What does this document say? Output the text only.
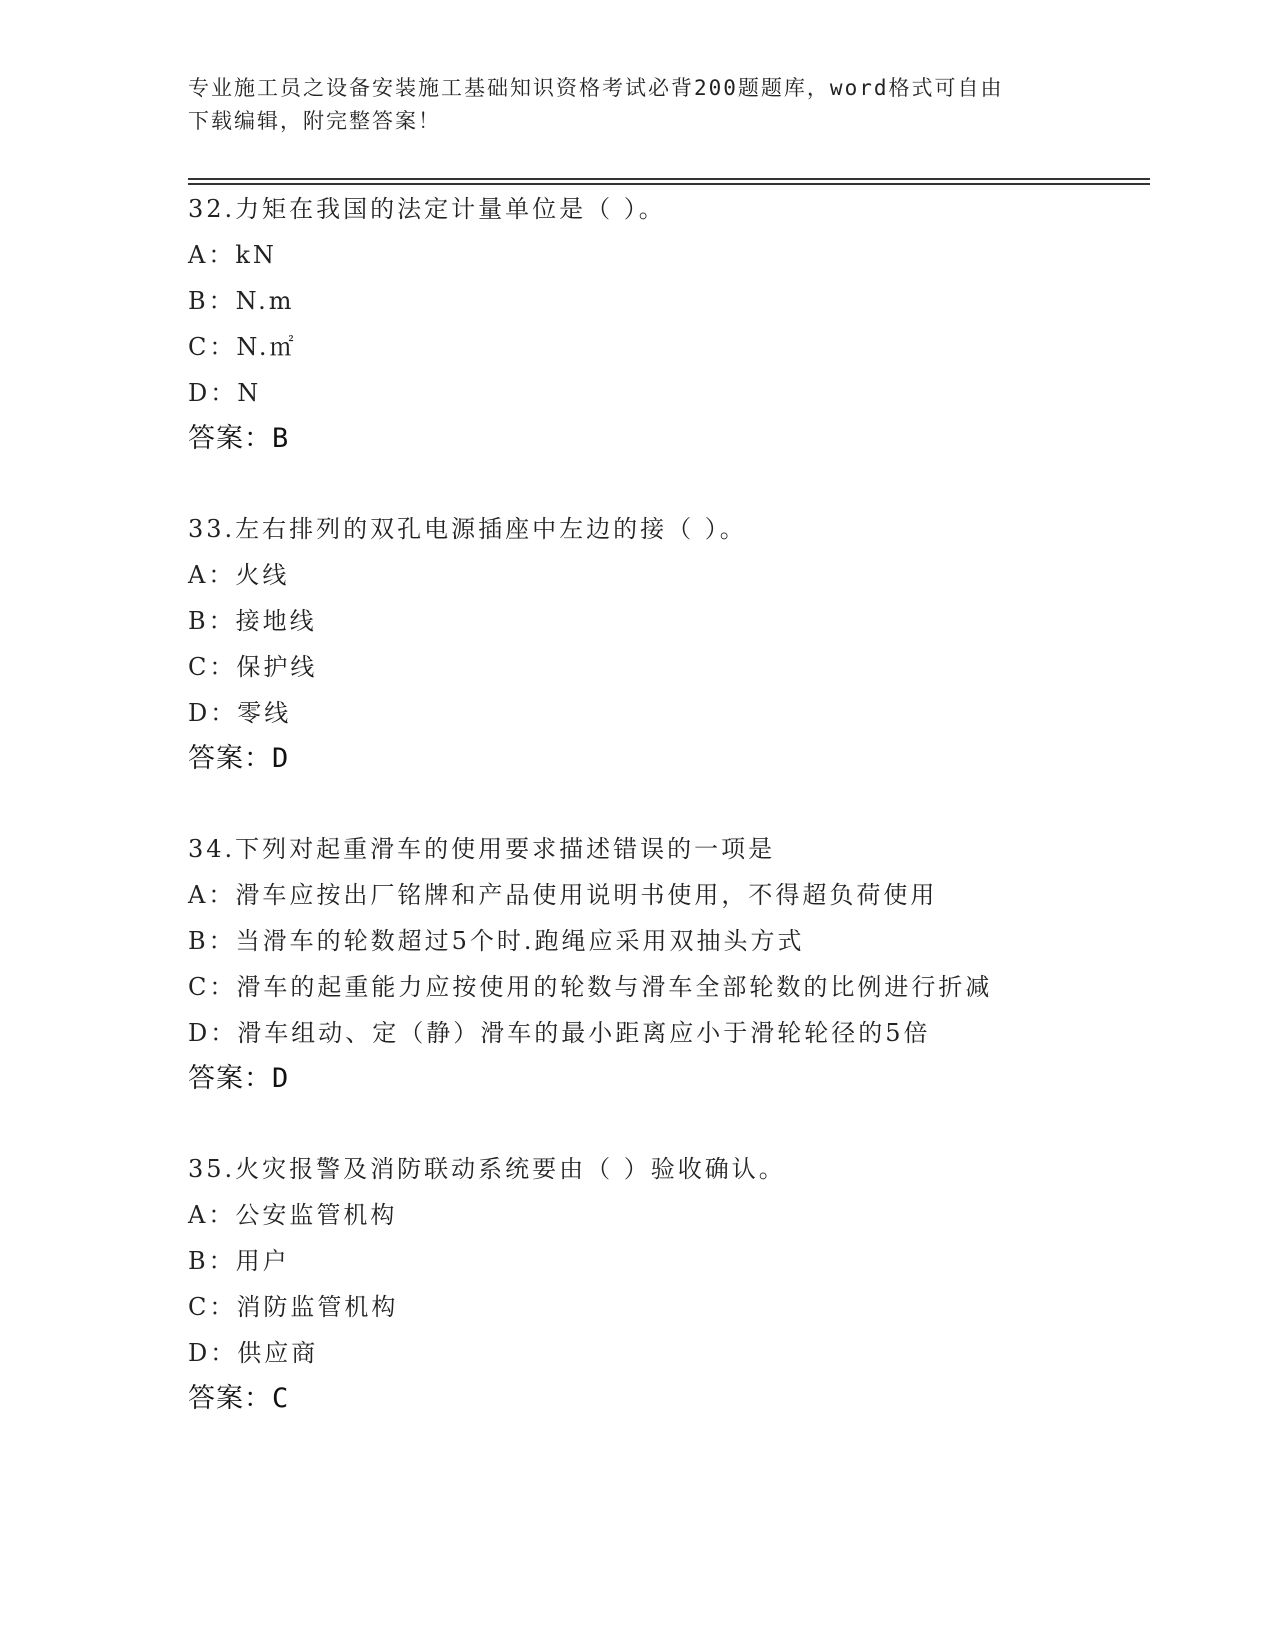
专业施工员之设备安装施工基础知识资格考试必背200题题库，word格式可自由
下载编辑，附完整答案！
32.力矩在我国的法定计量单位是（ ）。
A：kN
B：N.m
C：N.㎡
D：N
答案：B
33.左右排列的双孔电源插座中左边的接（ ）。
A：火线
B：接地线
C：保护线
D：零线
答案：D
34.下列对起重滑车的使用要求描述错误的一项是
A：滑车应按出厂铭牌和产品使用说明书使用，不得超负荷使用
B：当滑车的轮数超过5个时.跑绳应采用双抽头方式
C：滑车的起重能力应按使用的轮数与滑车全部轮数的比例进行折减
D：滑车组动、定（静）滑车的最小距离应小于滑轮轮径的5倍
答案：D
35.火灾报警及消防联动系统要由（ ）验收确认。
A：公安监管机构
B：用户
C：消防监管机构
D：供应商
答案：C
